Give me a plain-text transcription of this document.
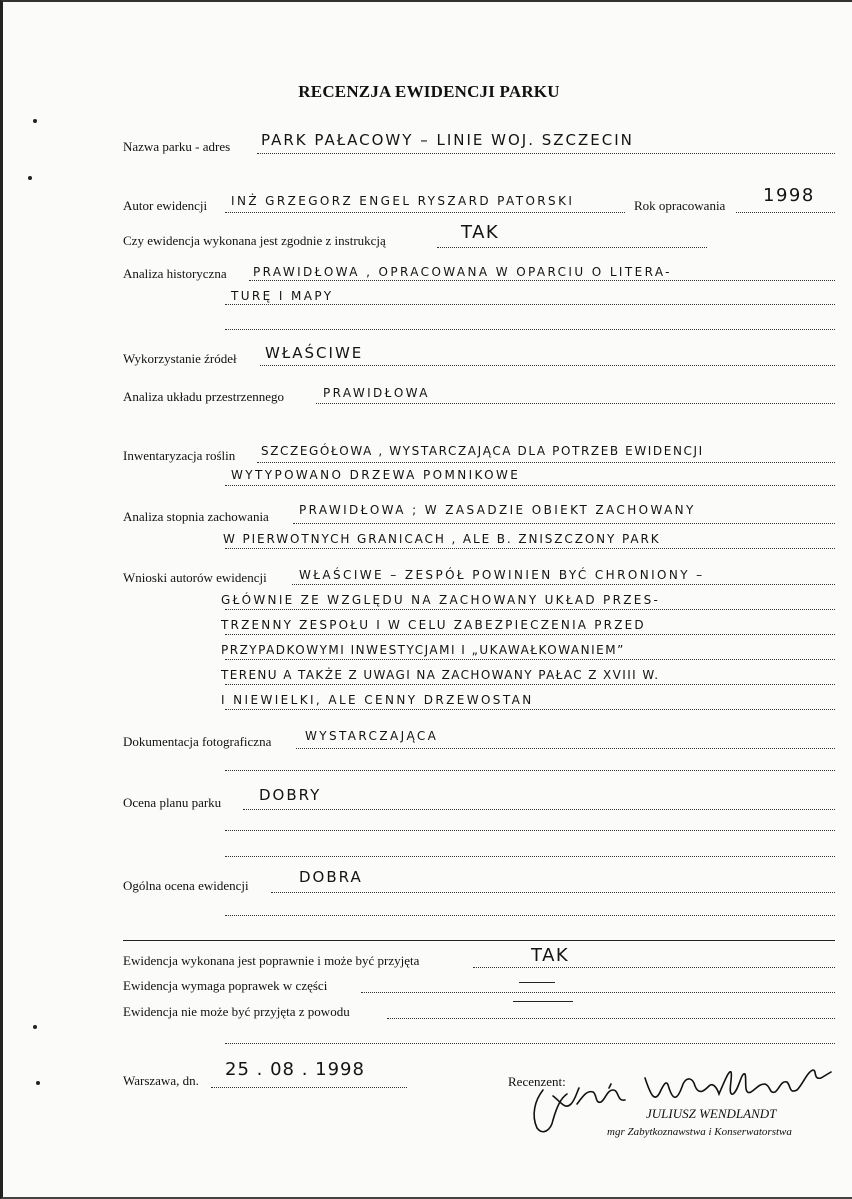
RECENZJA EWIDENCJI PARKU
Nazwa parku - adres PARK PAŁACOWY – LINIE WOJ. SZCZECIN
Autor ewidencji INŻ GRZEGORZ ENGEL RYSZARD PATORSKI	Rok opracowania 1998
Czy ewidencja wykonana jest zgodnie z instrukcją	TAK
Analiza historyczna PRAWIDŁOWA , OPRACOWANA W OPARCIU O LITERA-
TURĘ I MAPY
Wykorzystanie źródeł WŁAŚCIWE
Analiza układu przestrzennego	PRAWIDŁOWA
Inwentaryzacja roślin SZCZEGÓŁOWA , WYSTARCZAJĄCA DLA POTRZEB EWIDENCJI
WYTYPOWANO DRZEWA POMNIKOWE
Analiza stopnia zachowania	PRAWIDŁOWA ; W ZASADZIE OBIEKT ZACHOWANY
W PIERWOTNYCH GRANICACH , ALE B. ZNISZCZONY PARK
Wnioski autorów ewidencji	WŁAŚCIWE – ZESPÓŁ POWINIEN BYĆ CHRONIONY –
GŁÓWNIE ZE WZGLĘDU NA ZACHOWANY UKŁAD PRZES-
TRZENNY ZESPOŁU I W CELU ZABEZPIECZENIA PRZED
PRZYPADKOWYMI INWESTYCJAMI I „UKAWAŁKOWANIEM”
TERENU A TAKŻE Z UWAGI NA ZACHOWANY PAŁAC Z XVIII W.
I NIEWIELKI, ALE CENNY DRZEWOSTAN
Dokumentacja fotograficzna	WYSTARCZAJĄCA
Ocena planu parku	DOBRY
Ogólna ocena ewidencji	DOBRA
Ewidencja wykonana jest poprawnie i może być przyjęta	TAK
Ewidencja wymaga poprawek w części
Ewidencja nie może być przyjęta z powodu
Warszawa, dn.
25 . 08 . 1998
Recenzent:
JULIUSZ WENDLANDT
mgr Zabytkoznawstwa i Konserwatorstwa
